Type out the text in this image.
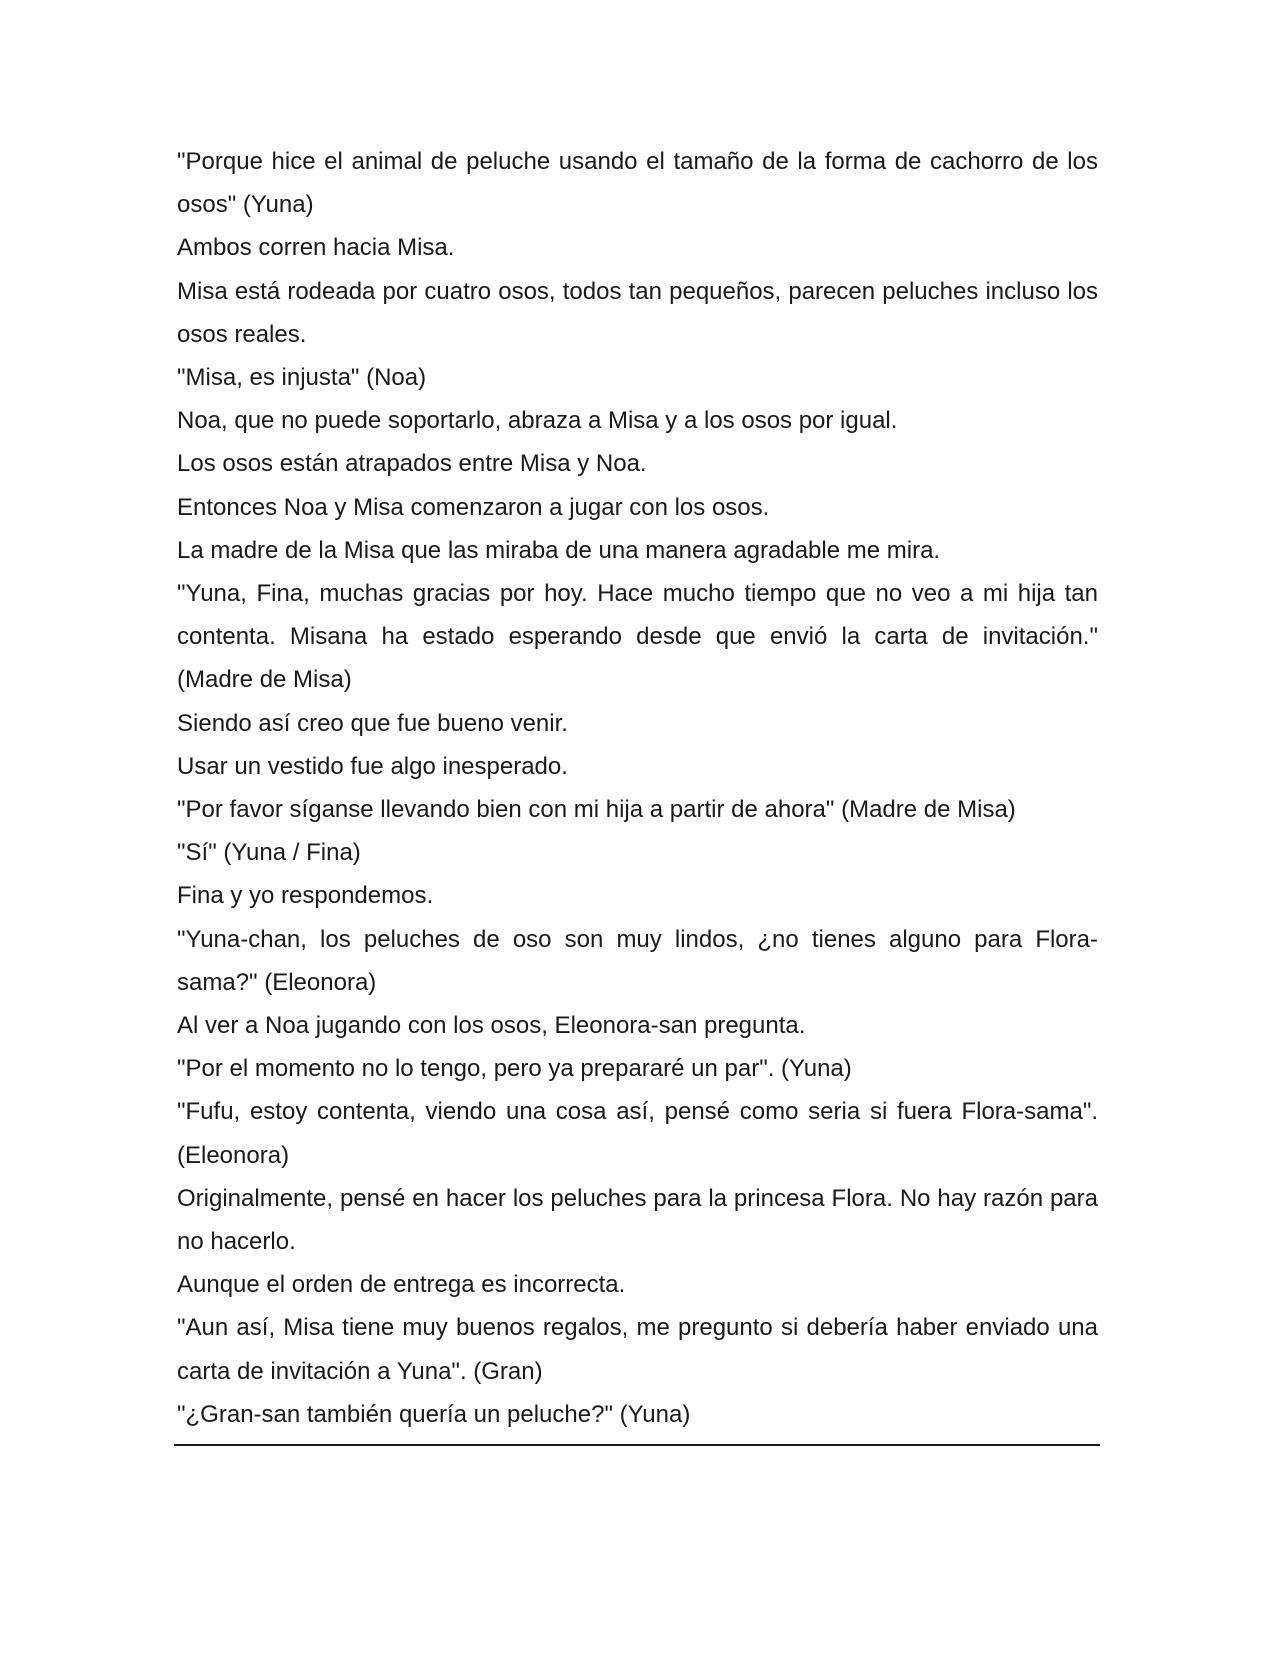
"Porque hice el animal de peluche usando el tamaño de la forma de cachorro de los osos" (Yuna)

Ambos corren hacia Misa.

Misa está rodeada por cuatro osos, todos tan pequeños, parecen peluches incluso los osos reales.

"Misa, es injusta" (Noa)

Noa, que no puede soportarlo, abraza a Misa y a los osos por igual.

Los osos están atrapados entre Misa y Noa.

Entonces Noa y Misa comenzaron a jugar con los osos.

La madre de la Misa que las miraba de una manera agradable me mira.

"Yuna, Fina, muchas gracias por hoy. Hace mucho tiempo que no veo a mi hija tan contenta. Misana ha estado esperando desde que envió la carta de invitación." (Madre de Misa)

Siendo así creo que fue bueno venir.

Usar un vestido fue algo inesperado.

"Por favor síganse llevando bien con mi hija a partir de ahora" (Madre de Misa)

"Sí" (Yuna / Fina)

Fina y yo respondemos.

"Yuna-chan, los peluches de oso son muy lindos, ¿no tienes alguno para Flora-sama?" (Eleonora)

Al ver a Noa jugando con los osos, Eleonora-san pregunta.

"Por el momento no lo tengo, pero ya prepararé un par". (Yuna)

"Fufu, estoy contenta, viendo una cosa así, pensé como seria si fuera Flora-sama". (Eleonora)

Originalmente, pensé en hacer los peluches para la princesa Flora. No hay razón para no hacerlo.

Aunque el orden de entrega es incorrecta.

"Aun así, Misa tiene muy buenos regalos, me pregunto si debería haber enviado una carta de invitación a Yuna". (Gran)

"¿Gran-san también quería un peluche?" (Yuna)
